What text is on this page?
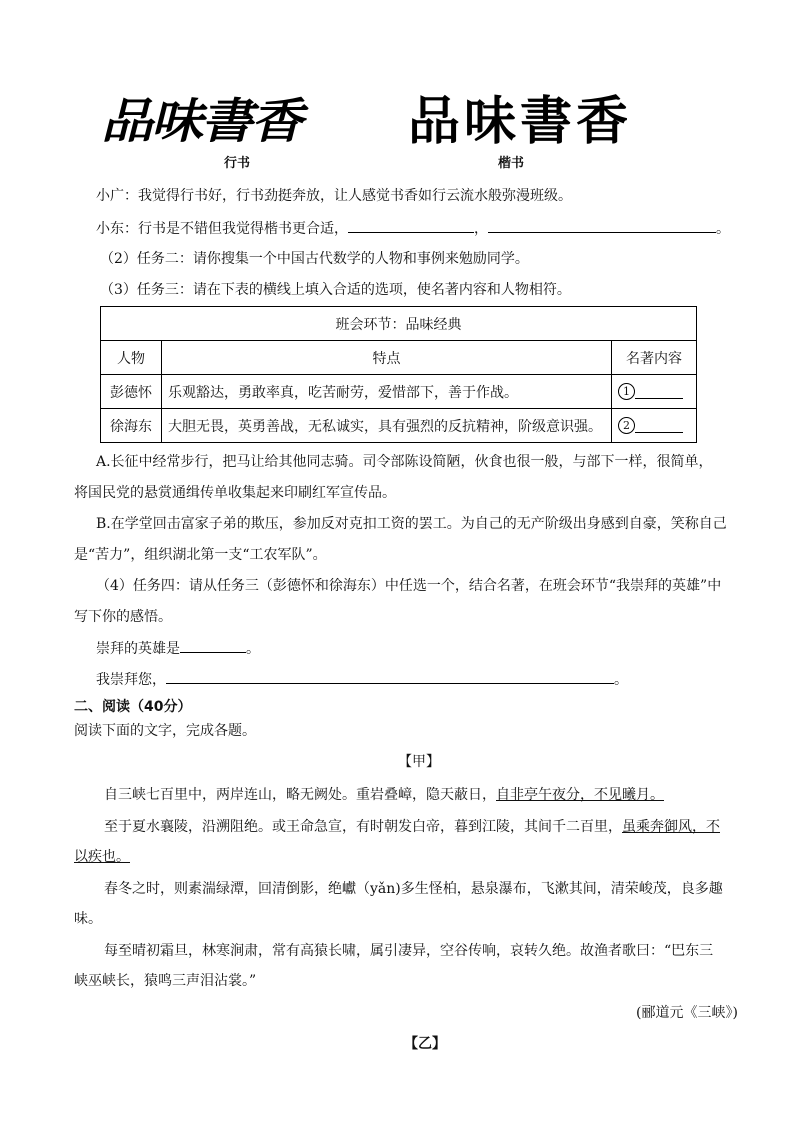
品味書香 品味書香
行书	楷书
小广：我觉得行书好，行书劲挺奔放，让人感觉书香如行云流水般弥漫班级。
小东：行书是不错但我觉得楷书更合适，	，	。
（2）任务二：请你搜集一个中国古代数学的人物和事例来勉励同学。
（3）任务三：请在下表的横线上填入合适的选项，使名著内容和人物相符。
班会环节：品味经典		
人物	特点	名著内容
彭德怀	乐观豁达，勇敢率真，吃苦耐劳，爱惜部下，善于作战。	1
徐海东	大胆无畏，英勇善战，无私诚实，具有强烈的反抗精神，阶级意识强。	2
A.长征中经常步行，把马让给其他同志骑。司令部陈设简陋，伙食也很一般，与部下一样，很简单，
将国民党的悬赏通缉传单收集起来印刷红军宣传品。
B.在学堂回击富家子弟的欺压，参加反对克扣工资的罢工。为自己的无产阶级出身感到自豪，笑称自己
是“苦力”，组织湖北第一支“工农军队”。
（4）任务四：请从任务三（彭德怀和徐海东）中任选一个，结合名著，在班会环节“我崇拜的英雄”中
写下你的感悟。
崇拜的英雄是	。
我崇拜您，	。
二、阅读（40分）
阅读下面的文字，完成各题。
【甲】
自三峡七百里中，两岸连山，略无阙处。重岩叠嶂，隐天蔽日，自非亭午夜分，不见曦月。
至于夏水襄陵，沿溯阻绝。或王命急宣，有时朝发白帝，暮到江陵，其间千二百里，虽乘奔御风，不
以疾也。
春冬之时，则素湍绿潭，回清倒影，绝巘（yǎn)多生怪柏，悬泉瀑布，飞漱其间，清荣峻茂，良多趣
味。
每至晴初霜旦，林寒涧肃，常有高猿长啸，属引凄异，空谷传响，哀转久绝。故渔者歌曰：“巴东三
峡巫峡长，猿鸣三声泪沾裳。”
(郦道元《三峡》)
【乙】
